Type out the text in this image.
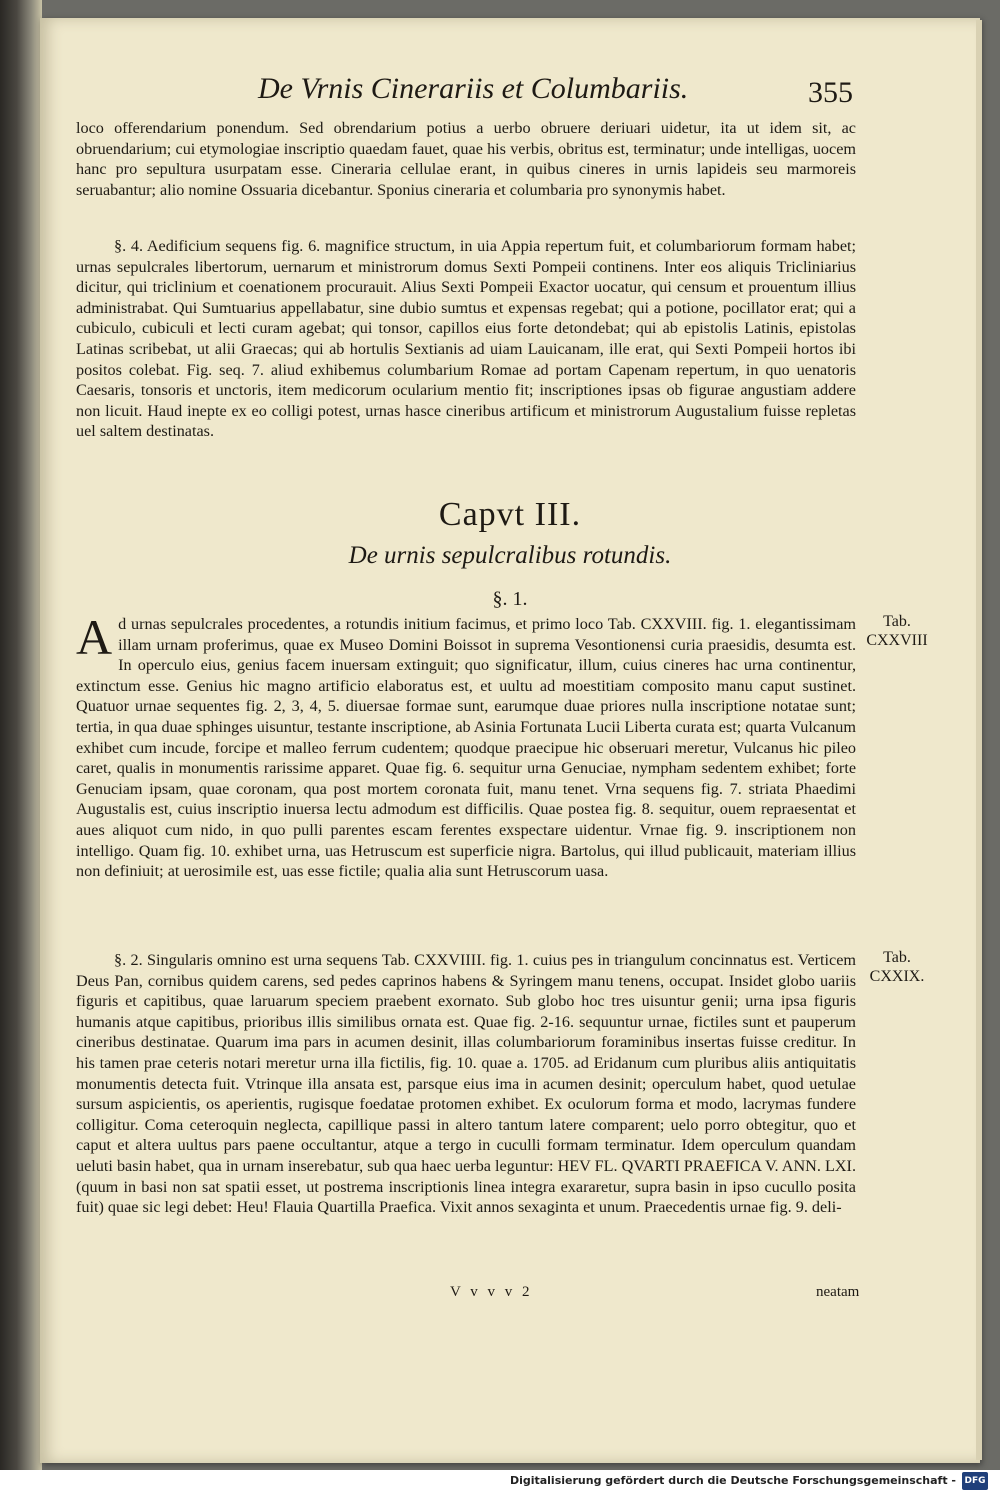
De Vrnis Cinerariis et Columbariis.	355

loco offerendarium ponendum. Sed obrendarium potius a uerbo obruere deriuari uidetur, ita ut idem sit, ac obruendarium; cui etymologiae inscriptio quaedam fauet, quae his verbis, obritus est, terminatur; unde intelligas, uocem hanc pro sepultura usurpatam esse. Cineraria cellulae erant, in quibus cineres in urnis lapideis seu marmoreis seruabantur; alio nomine Ossuaria dicebantur. Sponius cineraria et columbaria pro synonymis habet.

§. 4. Aedificium sequens fig. 6. magnifice structum, in uia Appia repertum fuit, et columbariorum formam habet; urnas sepulcrales libertorum, uernarum et ministrorum domus Sexti Pompeii continens. Inter eos aliquis Tricliniarius dicitur, qui triclinium et coenationem procurauit. Alius Sexti Pompeii Exactor uocatur, qui censum et prouentum illius administrabat. Qui Sumtuarius appellabatur, sine dubio sumtus et expensas regebat; qui a potione, pocillator erat; qui a cubiculo, cubiculi et lecti curam agebat; qui tonsor, capillos eius forte detondebat; qui ab epistolis Latinis, epistolas Latinas scribebat, ut alii Graecas; qui ab hortulis Sextianis ad uiam Lauicanam, ille erat, qui Sexti Pompeii hortos ibi positos colebat. Fig. seq. 7. aliud exhibemus columbarium Romae ad portam Capenam repertum, in quo uenatoris Caesaris, tonsoris et unctoris, item medicorum ocularium mentio fit; inscriptiones ipsas ob figurae angustiam addere non licuit. Haud inepte ex eo colligi potest, urnas hasce cineribus artificum et ministrorum Augustalium fuisse repletas uel saltem destinatas.

Capvt III.
De urnis sepulcralibus rotundis.
§. 1.

Ad urnas sepulcrales procedentes, a rotundis initium facimus, et primo loco Tab. CXXVIII. fig. 1. elegantissimam illam urnam proferimus, quae ex Museo Domini Boissot in suprema Vesontionensi curia praesidis, desumta est. In operculo eius, genius facem inuersam extinguit; quo significatur, illum, cuius cineres hac urna continentur, extinctum esse. Genius hic magno artificio elaboratus est, et uultu ad moestitiam composito manu caput sustinet. Quatuor urnae sequentes fig. 2, 3, 4, 5. diuersae formae sunt, earumque duae priores nulla inscriptione notatae sunt; tertia, in qua duae sphinges uisuntur, testante inscriptione, ab Asinia Fortunata Lucii Liberta curata est; quarta Vulcanum exhibet cum incude, forcipe et malleo ferrum cudentem; quodque praecipue hic obseruari meretur, Vulcanus hic pileo caret, qualis in monumentis rarissime apparet. Quae fig. 6. sequitur urna Genuciae, nympham sedentem exhibet; forte Genuciam ipsam, quae coronam, qua post mortem coronata fuit, manu tenet. Vrna sequens fig. 7. striata Phaedimi Augustalis est, cuius inscriptio inuersa lectu admodum est difficilis. Quae postea fig. 8. sequitur, ouem repraesentat et aues aliquot cum nido, in quo pulli parentes escam ferentes exspectare uidentur. Vrnae fig. 9. inscriptionem non intelligo. Quam fig. 10. exhibet urna, uas Hetruscum est superficie nigra. Bartolus, qui illud publicauit, materiam illius non definiuit; at uerosimile est, uas esse fictile; qualia alia sunt Hetruscorum uasa.

Tab.
CXXVIII

§. 2. Singularis omnino est urna sequens Tab. CXXVIIII. fig. 1. cuius pes in triangulum concinnatus est. Verticem Deus Pan, cornibus quidem carens, sed pedes caprinos habens & Syringem manu tenens, occupat. Insidet globo uariis figuris et capitibus, quae laruarum speciem praebent exornato. Sub globo hoc tres uisuntur genii; urna ipsa figuris humanis atque capitibus, prioribus illis similibus ornata est. Quae fig. 2-16. sequuntur urnae, fictiles sunt et pauperum cineribus destinatae. Quarum ima pars in acumen desinit, illas columbariorum foraminibus insertas fuisse creditur. In his tamen prae ceteris notari meretur urna illa fictilis, fig. 10. quae a. 1705. ad Eridanum cum pluribus aliis antiquitatis monumentis detecta fuit. Vtrinque illa ansata est, parsque eius ima in acumen desinit; operculum habet, quod uetulae sursum aspicientis, os aperientis, rugisque foedatae protomen exhibet. Ex oculorum forma et modo, lacrymas fundere colligitur. Coma ceteroquin neglecta, capillique passi in altero tantum latere comparent; uelo porro obtegitur, quo et caput et altera uultus pars paene occultantur, atque a tergo in cuculli formam terminatur. Idem operculum quandam ueluti basin habet, qua in urnam inserebatur, sub qua haec uerba leguntur: HEV FL. QVARTI PRAEFICA V. ANN. LXI. (quum in basi non sat spatii esset, ut postrema inscriptionis linea integra exararetur, supra basin in ipso cucullo posita fuit) quae sic legi debet: Heu! Flauia Quartilla Praefica. Vixit annos sexaginta et unum. Praecedentis urnae fig. 9. deli-

Tab.
CXXIX.
V v v v 2	neatam
Digitalisierung gefördert durch die Deutsche Forschungsgemeinschaft - DFG
